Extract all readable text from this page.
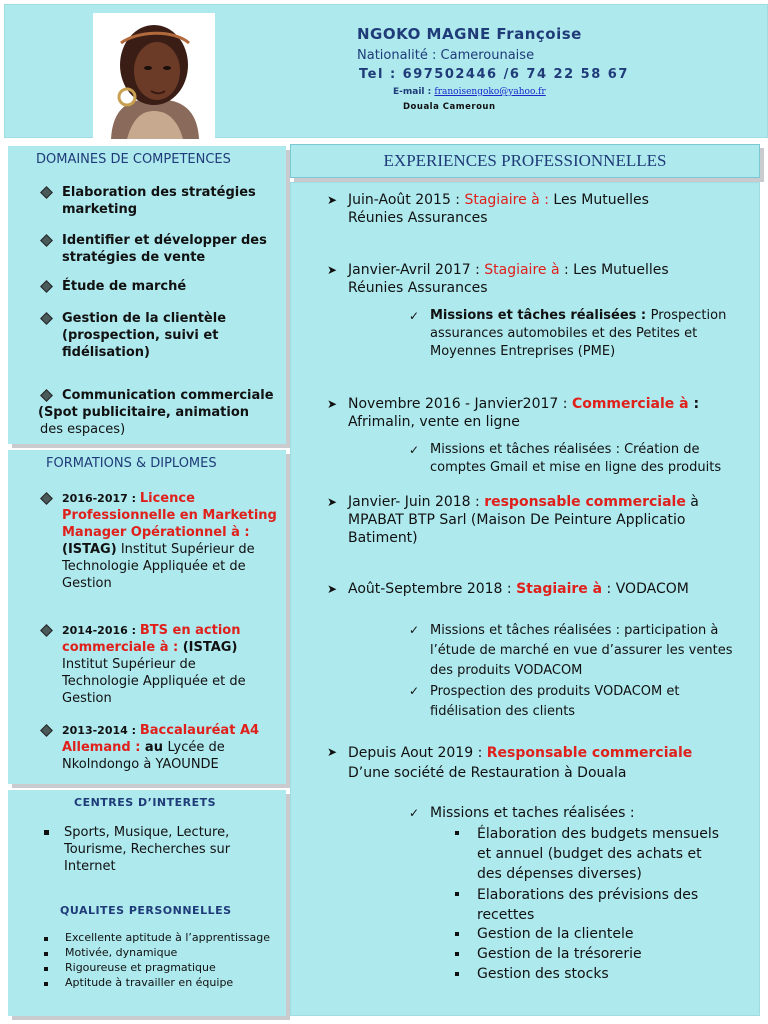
NGOKO MAGNE Françoise
Nationalité : Camerounaise
Tel : 697502446 /6 74 22 58 67
E-mail : franoisengoko@yahoo.fr
Douala Cameroun
DOMAINES DE COMPETENCES
Elaboration des stratégies
marketing
Identifier et développer des
stratégies de vente
Étude de marché
Gestion de la clientèle
(prospection, suivi et
fidélisation)
Communication commerciale
(Spot publicitaire, animation
des espaces)
FORMATIONS & DIPLOMES
2016-2017 : Licence
Professionnelle en Marketing
Manager Opérationnel à :
(ISTAG) Institut Supérieur de
Technologie Appliquée et de
Gestion
2014-2016 : BTS en action
commerciale à : (ISTAG)
Institut Supérieur de
Technologie Appliquée et de
Gestion
2013-2014 : Baccalauréat A4
Allemand : au Lycée de
Nkolndongo à YAOUNDE
CENTRES D’INTERETS
Sports, Musique, Lecture,
Tourisme, Recherches sur
Internet
QUALITES PERSONNELLES
Excellente aptitude à l’apprentissage
Motivée, dynamique
Rigoureuse et pragmatique
Aptitude à travailler en équipe
EXPERIENCES PROFESSIONNELLES
➤ Juin-Août 2015 : Stagiaire à : Les Mutuelles
Réunies Assurances
➤ Janvier-Avril 2017 : Stagiaire à : Les Mutuelles
Réunies Assurances
✓ Missions et tâches réalisées : Prospection
assurances automobiles et des Petites et
Moyennes Entreprises (PME)
➤ Novembre 2016 - Janvier2017 : Commerciale à :
Afrimalin, vente en ligne
✓ Missions et tâches réalisées : Création de
comptes Gmail et mise en ligne des produits
➤ Janvier- Juin 2018 : responsable commerciale à
MPABAT BTP Sarl (Maison De Peinture Applicatio
Batiment)
➤ Août-Septembre 2018 : Stagiaire à : VODACOM
✓ Missions et tâches réalisées : participation à
l’étude de marché en vue d’assurer les ventes
des produits VODACOM
✓ Prospection des produits VODACOM et
fidélisation des clients
➤ Depuis Aout 2019 : Responsable commerciale
D’une société de Restauration à Douala
✓ Missions et taches réalisées :
Élaboration des budgets mensuels
et annuel (budget des achats et
des dépenses diverses)
Elaborations des prévisions des
recettes
Gestion de la clientele
Gestion de la trésorerie
Gestion des stocks
